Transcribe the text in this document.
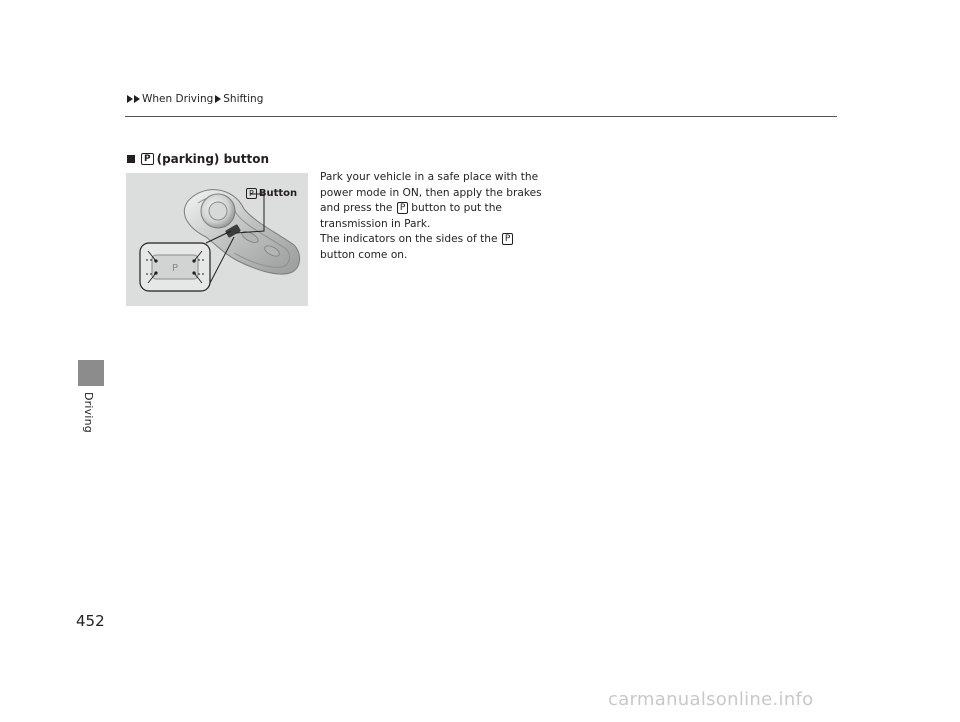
When Driving Shifting
Driving
P (parking) button
P
P Button

Park your vehicle in a safe place with the power mode in ON, then apply the brakes and press the P button to put the transmission in Park.

The indicators on the sides of the Pbutton come on.

452
carmanualsonline.info
